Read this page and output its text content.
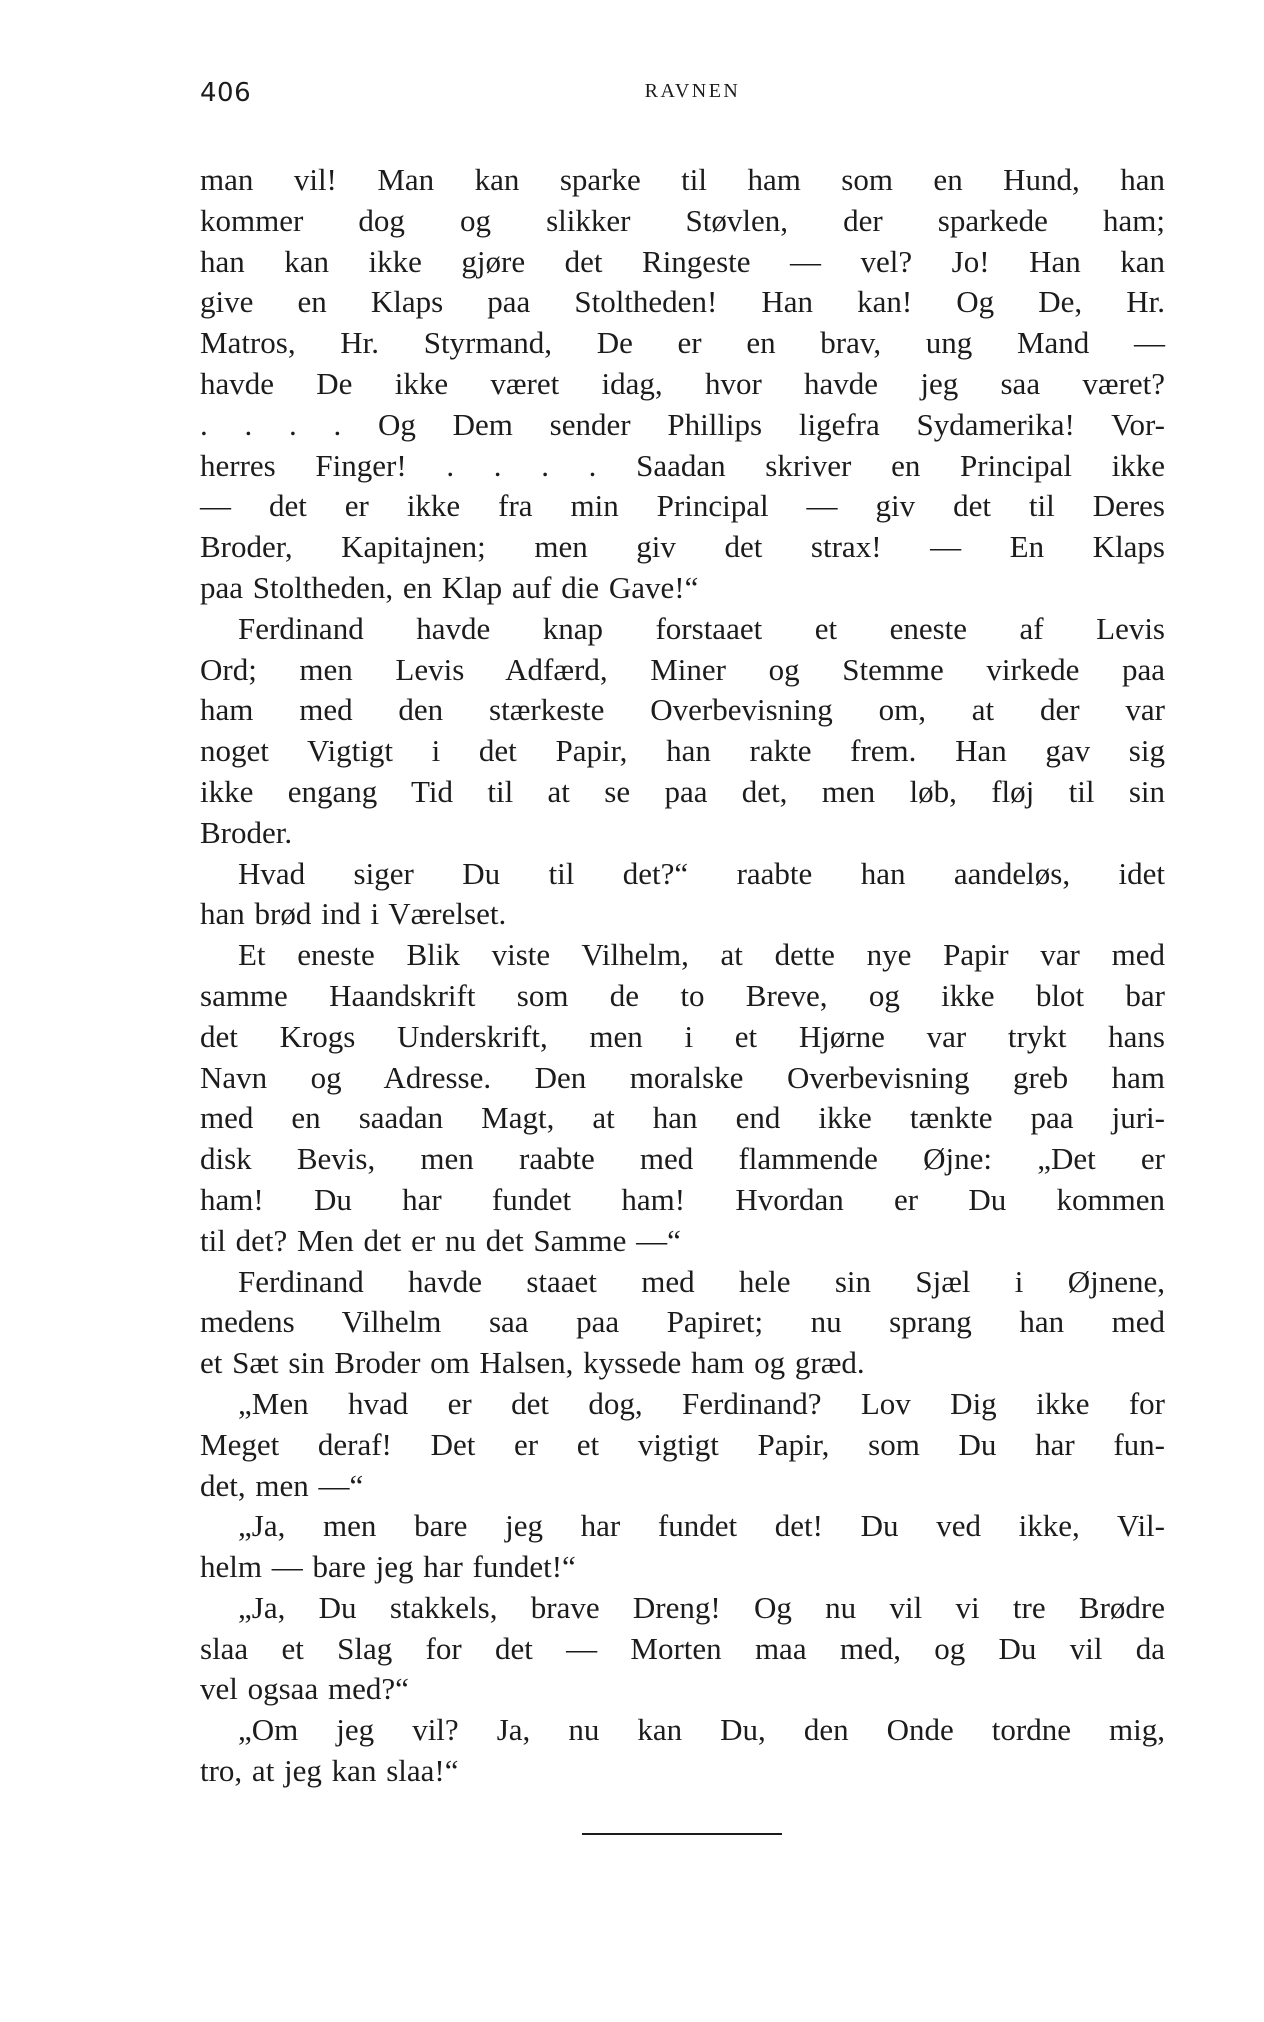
406	RAVNEN
man vil! Man kan sparke til ham som en Hund, han
kommer dog og slikker Støvlen, der sparkede ham;
han kan ikke gjøre det Ringeste — vel? Jo! Han kan
give en Klaps paa Stoltheden! Han kan! Og De, Hr.
Matros, Hr. Styrmand, De er en brav, ung Mand —
havde De ikke været idag, hvor havde jeg saa været?
. . . . Og Dem sender Phillips ligefra Sydamerika! Vor-
herres Finger! . . . . Saadan skriver en Principal ikke
— det er ikke fra min Principal — giv det til Deres
Broder, Kapitajnen; men giv det strax! — En Klaps
paa Stoltheden, en Klap auf die Gave!“
Ferdinand havde knap forstaaet et eneste af Levis
Ord; men Levis Adfærd, Miner og Stemme virkede paa
ham med den stærkeste Overbevisning om, at der var
noget Vigtigt i det Papir, han rakte frem. Han gav sig
ikke engang Tid til at se paa det, men løb, fløj til sin
Broder.
Hvad siger Du til det?“ raabte han aandeløs, idet
han brød ind i Værelset.
Et eneste Blik viste Vilhelm, at dette nye Papir var med
samme Haandskrift som de to Breve, og ikke blot bar
det Krogs Underskrift, men i et Hjørne var trykt hans
Navn og Adresse. Den moralske Overbevisning greb ham
med en saadan Magt, at han end ikke tænkte paa juri-
disk Bevis, men raabte med flammende Øjne: „Det er
ham! Du har fundet ham! Hvordan er Du kommen
til det? Men det er nu det Samme —“
Ferdinand havde staaet med hele sin Sjæl i Øjnene,
medens Vilhelm saa paa Papiret; nu sprang han med
et Sæt sin Broder om Halsen, kyssede ham og græd.
„Men hvad er det dog, Ferdinand? Lov Dig ikke for
Meget deraf! Det er et vigtigt Papir, som Du har fun-
det, men —“
„Ja, men bare jeg har fundet det! Du ved ikke, Vil-
helm — bare jeg har fundet!“
„Ja, Du stakkels, brave Dreng! Og nu vil vi tre Brødre
slaa et Slag for det — Morten maa med, og Du vil da
vel ogsaa med?“
„Om jeg vil? Ja, nu kan Du, den Onde tordne mig,
tro, at jeg kan slaa!“
